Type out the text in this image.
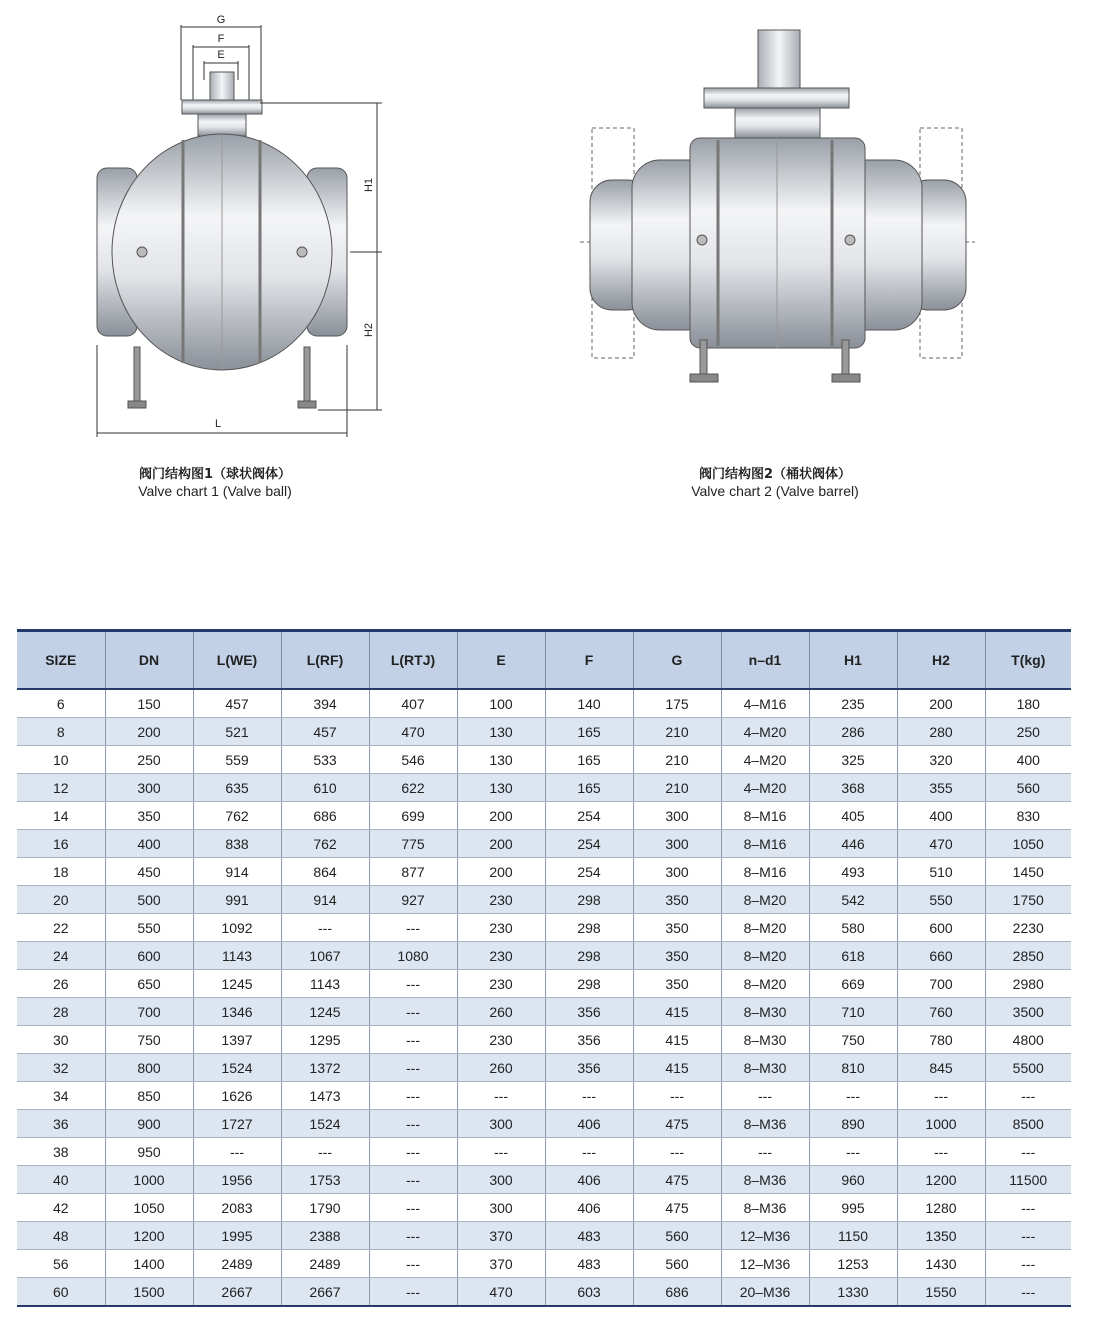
G
F
E
H1
H2
L
阀门结构图1（球状阀体）
Valve chart 1 (Valve ball)
阀门结构图2（桶状阀体）
Valve chart 2 (Valve barrel)
SIZE	DN	L(WE)	L(RF)	L(RTJ)	E	F	G	n–d1	H1	H2	T(kg)
6	150	457	394	407	100	140	175	4–M16	235	200	180
8	200	521	457	470	130	165	210	4–M20	286	280	250
10	250	559	533	546	130	165	210	4–M20	325	320	400
12	300	635	610	622	130	165	210	4–M20	368	355	560
14	350	762	686	699	200	254	300	8–M16	405	400	830
16	400	838	762	775	200	254	300	8–M16	446	470	1050
18	450	914	864	877	200	254	300	8–M16	493	510	1450
20	500	991	914	927	230	298	350	8–M20	542	550	1750
22	550	1092	---	---	230	298	350	8–M20	580	600	2230
24	600	1143	1067	1080	230	298	350	8–M20	618	660	2850
26	650	1245	1143	---	230	298	350	8–M20	669	700	2980
28	700	1346	1245	---	260	356	415	8–M30	710	760	3500
30	750	1397	1295	---	230	356	415	8–M30	750	780	4800
32	800	1524	1372	---	260	356	415	8–M30	810	845	5500
34	850	1626	1473	---	---	---	---	---	---	---	---
36	900	1727	1524	---	300	406	475	8–M36	890	1000	8500
38	950	---	---	---	---	---	---	---	---	---	---
40	1000	1956	1753	---	300	406	475	8–M36	960	1200	11500
42	1050	2083	1790	---	300	406	475	8–M36	995	1280	---
48	1200	1995	2388	---	370	483	560	12–M36	1150	1350	---
56	1400	2489	2489	---	370	483	560	12–M36	1253	1430	---
60	1500	2667	2667	---	470	603	686	20–M36	1330	1550	---
